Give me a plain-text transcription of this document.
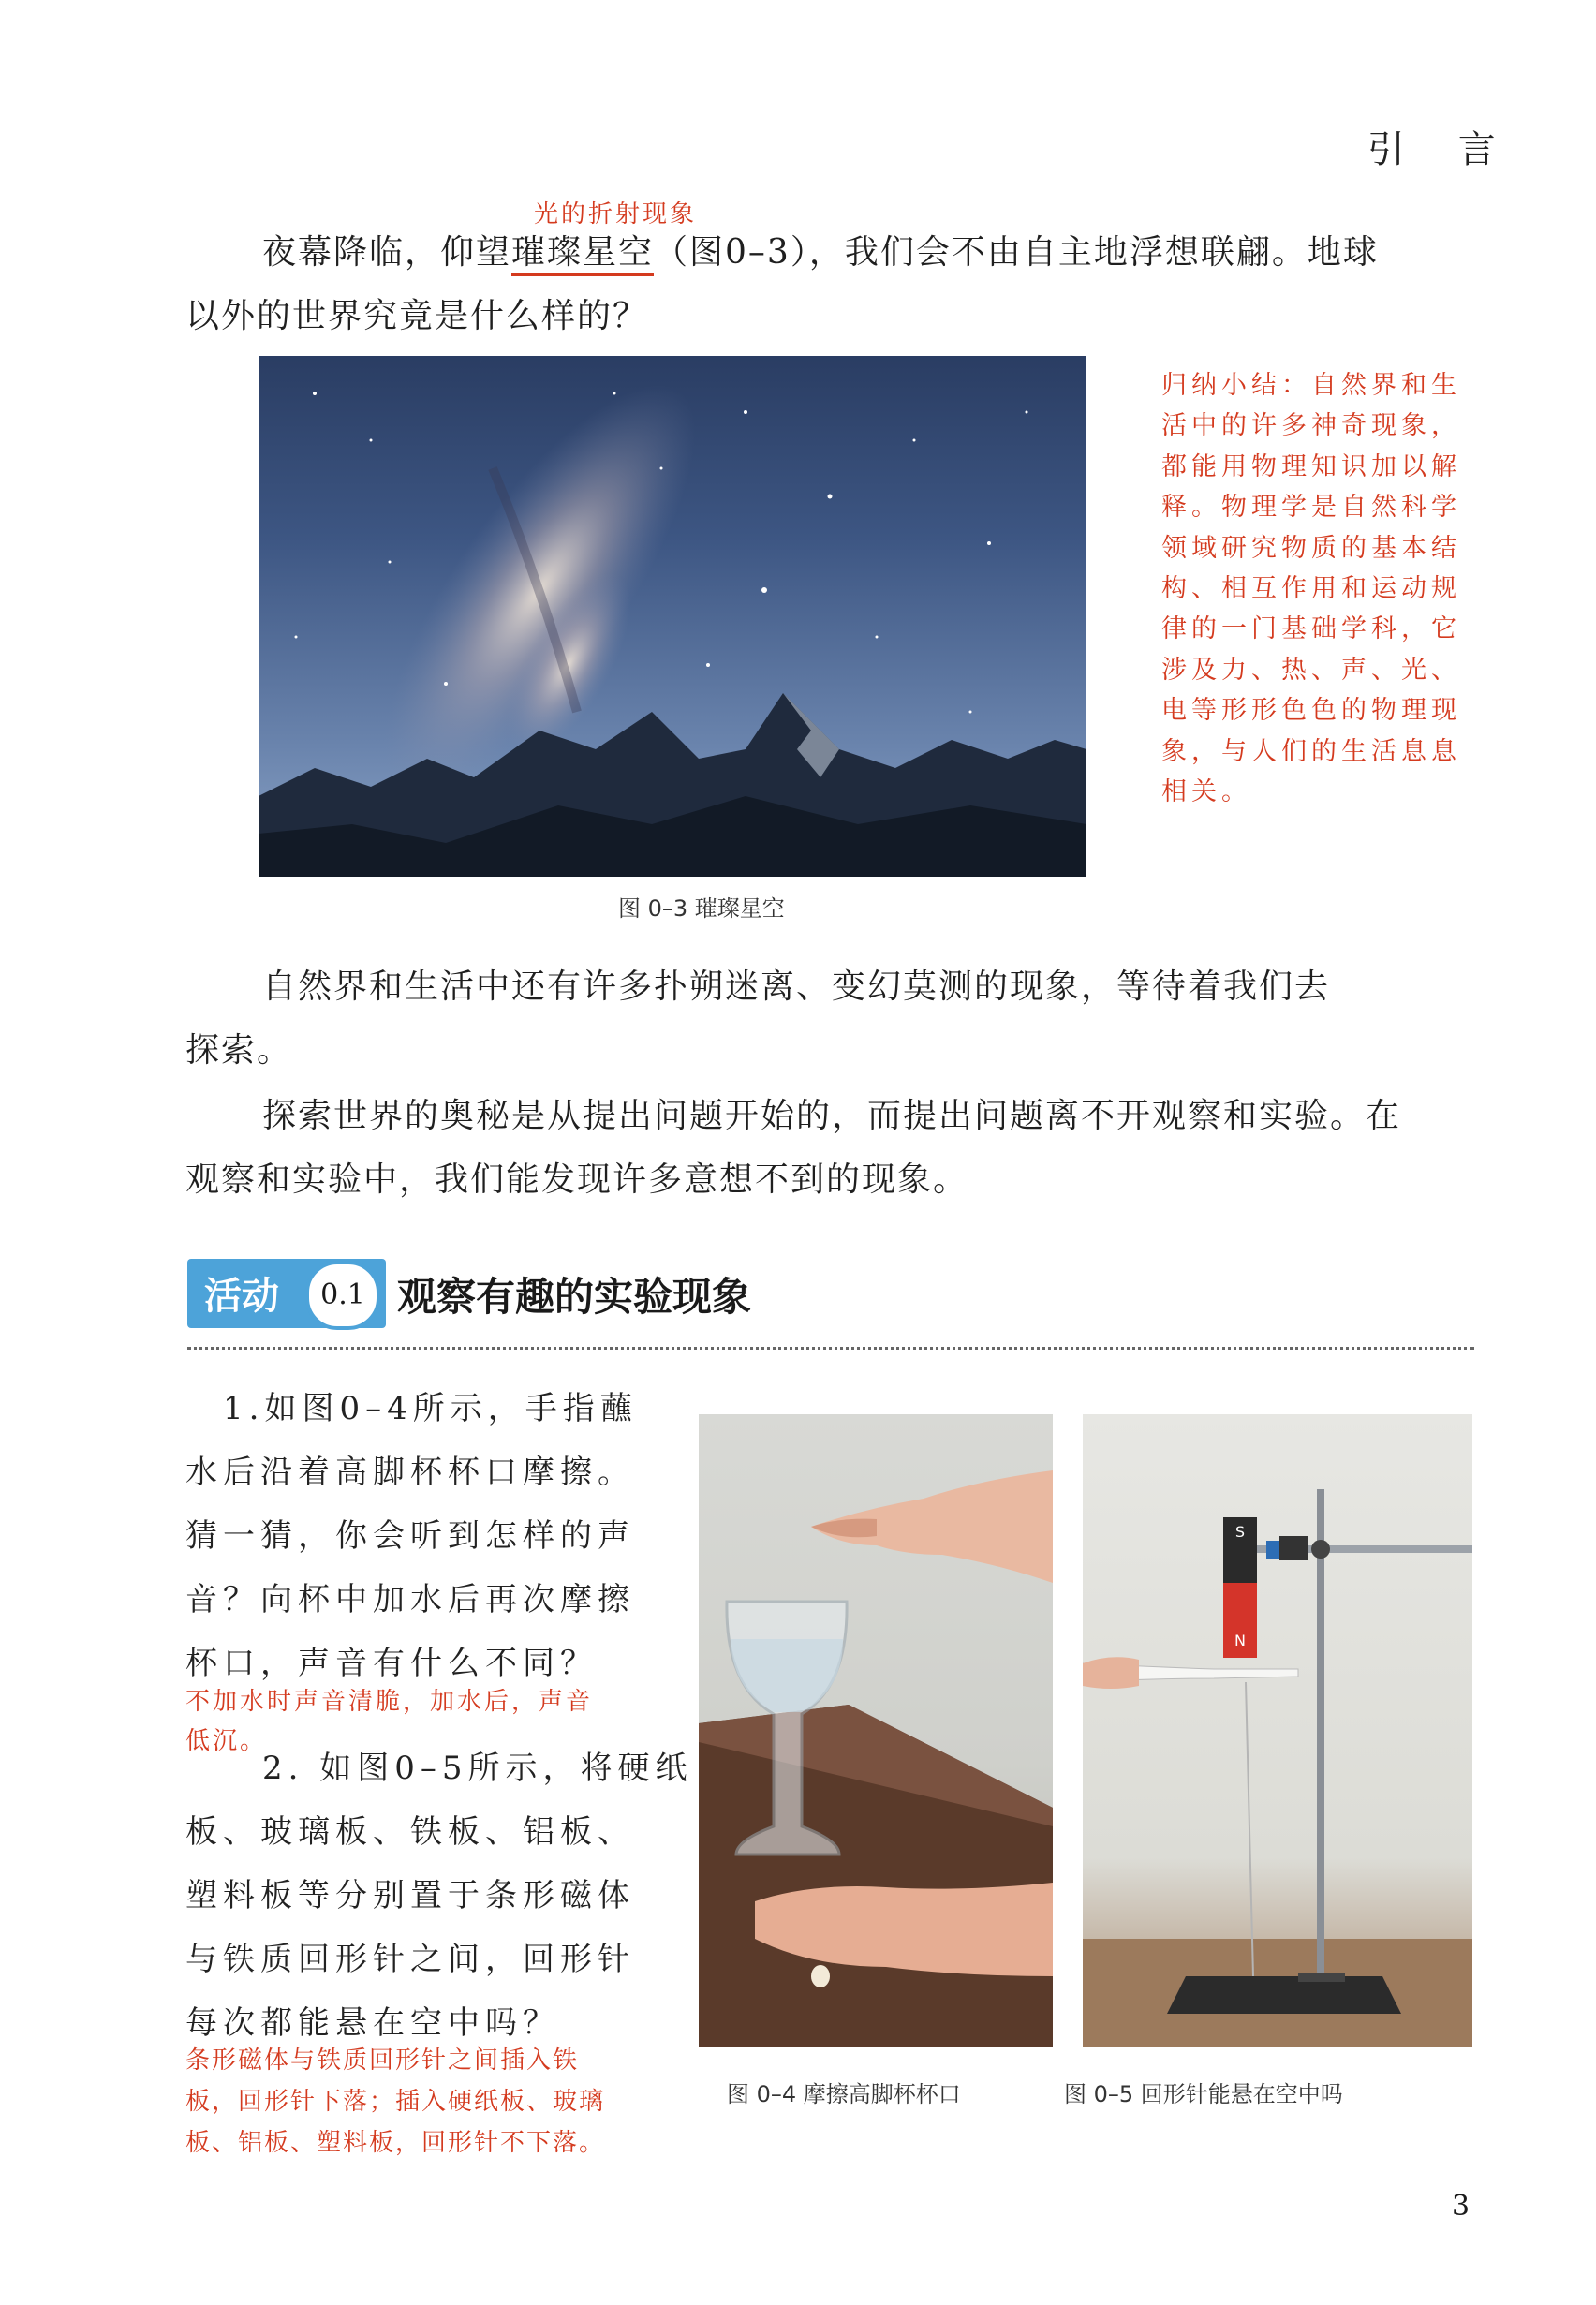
引 言
光的折射现象
夜幕降临，仰望璀璨星空（图0–3），我们会不由自主地浮想联翩。地球
以外的世界究竟是什么样的？
归纳小结：自然界和生
活中的许多神奇现象，
都能用物理知识加以解
释。物理学是自然科学
领域研究物质的基本结
构、相互作用和运动规
律的一门基础学科，它
涉及力、热、声、光、
电等形形色色的物理现
象，与人们的生活息息
相关。
图 0–3 璀璨星空
自然界和生活中还有许多扑朔迷离、变幻莫测的现象，等待着我们去
探索。
探索世界的奥秘是从提出问题开始的，而提出问题离不开观察和实验。在
观察和实验中，我们能发现许多意想不到的现象。
活动	0.1 观察有趣的实验现象
1.如图0–4所示，手指蘸
水后沿着高脚杯杯口摩擦。
猜一猜，你会听到怎样的声
音？向杯中加水后再次摩擦
杯口，声音有什么不同？
不加水时声音清脆，加水后，声音
低沉。
2. 如图0–5所示，将硬纸
板、玻璃板、铁板、铝板、
塑料板等分别置于条形磁体
与铁质回形针之间，回形针
每次都能悬在空中吗？
条形磁体与铁质回形针之间插入铁
板，回形针下落；插入硬纸板、玻璃
板、铝板、塑料板，回形针不下落。
S
N
图 0–4 摩擦高脚杯杯口	图 0–5 回形针能悬在空中吗
3
